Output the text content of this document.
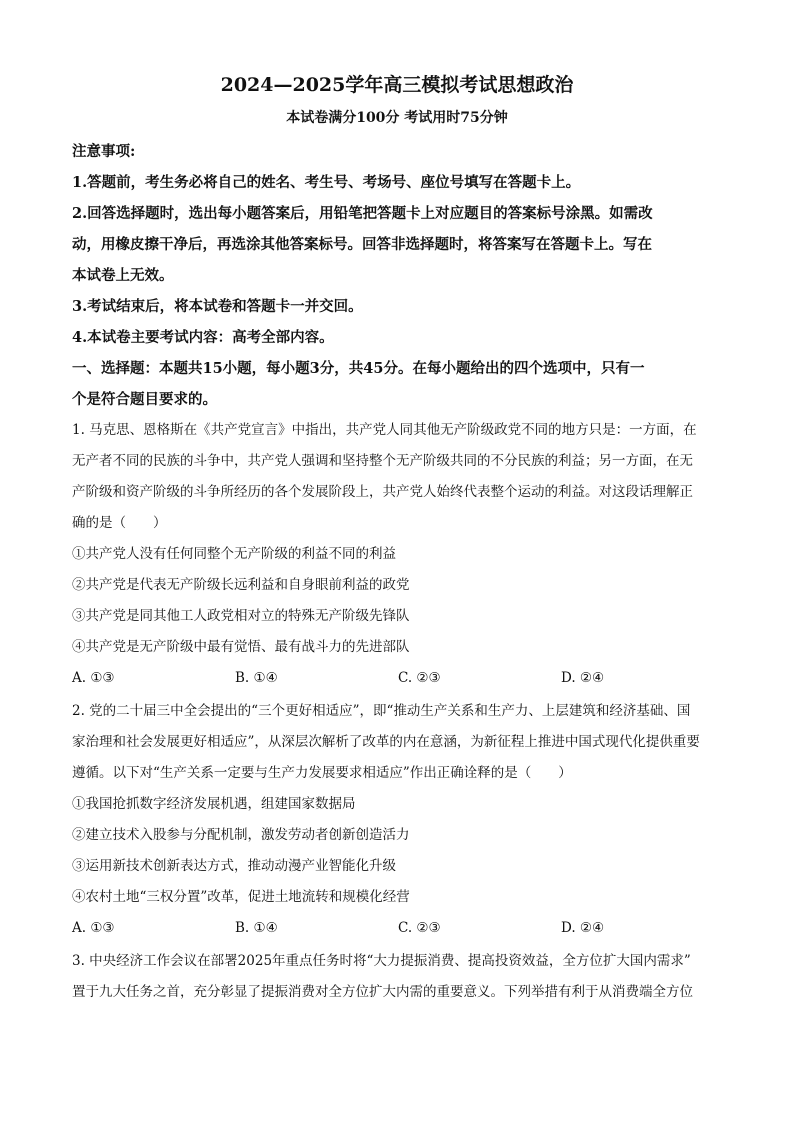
2024—2025学年高三模拟考试思想政治
本试卷满分100分 考试用时75分钟
注意事项:
1.答题前，考生务必将自己的姓名、考生号、考场号、座位号填写在答题卡上。
2.回答选择题时，选出每小题答案后，用铅笔把答题卡上对应题目的答案标号涂黑。如需改
动，用橡皮擦干净后，再选涂其他答案标号。回答非选择题时，将答案写在答题卡上。写在
本试卷上无效。
3.考试结束后，将本试卷和答题卡一并交回。
4.本试卷主要考试内容：高考全部内容。
一、选择题：本题共15小题，每小题3分，共45分。在每小题给出的四个选项中，只有一
个是符合题目要求的。
1. 马克思、恩格斯在《共产党宣言》中指出，共产党人同其他无产阶级政党不同的地方只是：一方面，在
无产者不同的民族的斗争中，共产党人强调和坚持整个无产阶级共同的不分民族的利益；另一方面，在无
产阶级和资产阶级的斗争所经历的各个发展阶段上，共产党人始终代表整个运动的利益。对这段话理解正
确的是（　　）
①共产党人没有任何同整个无产阶级的利益不同的利益
②共产党是代表无产阶级长远利益和自身眼前利益的政党
③共产党是同其他工人政党相对立的特殊无产阶级先锋队
④共产党是无产阶级中最有觉悟、最有战斗力的先进部队
A. ①③	B. ①④	C. ②③	D. ②④
2. 党的二十届三中全会提出的“三个更好相适应”，即“推动生产关系和生产力、上层建筑和经济基础、国
家治理和社会发展更好相适应”，从深层次解析了改革的内在意涵，为新征程上推进中国式现代化提供重要
遵循。以下对“生产关系一定要与生产力发展要求相适应”作出正确诠释的是（　　）
①我国抢抓数字经济发展机遇，组建国家数据局
②建立技术入股参与分配机制，激发劳动者创新创造活力
③运用新技术创新表达方式，推动动漫产业智能化升级
④农村土地“三权分置”改革，促进土地流转和规模化经营
A. ①③	B. ①④	C. ②③	D. ②④
3. 中央经济工作会议在部署2025年重点任务时将“大力提振消费、提高投资效益，全方位扩大国内需求”
置于九大任务之首，充分彰显了提振消费对全方位扩大内需的重要意义。下列举措有利于从消费端全方位
